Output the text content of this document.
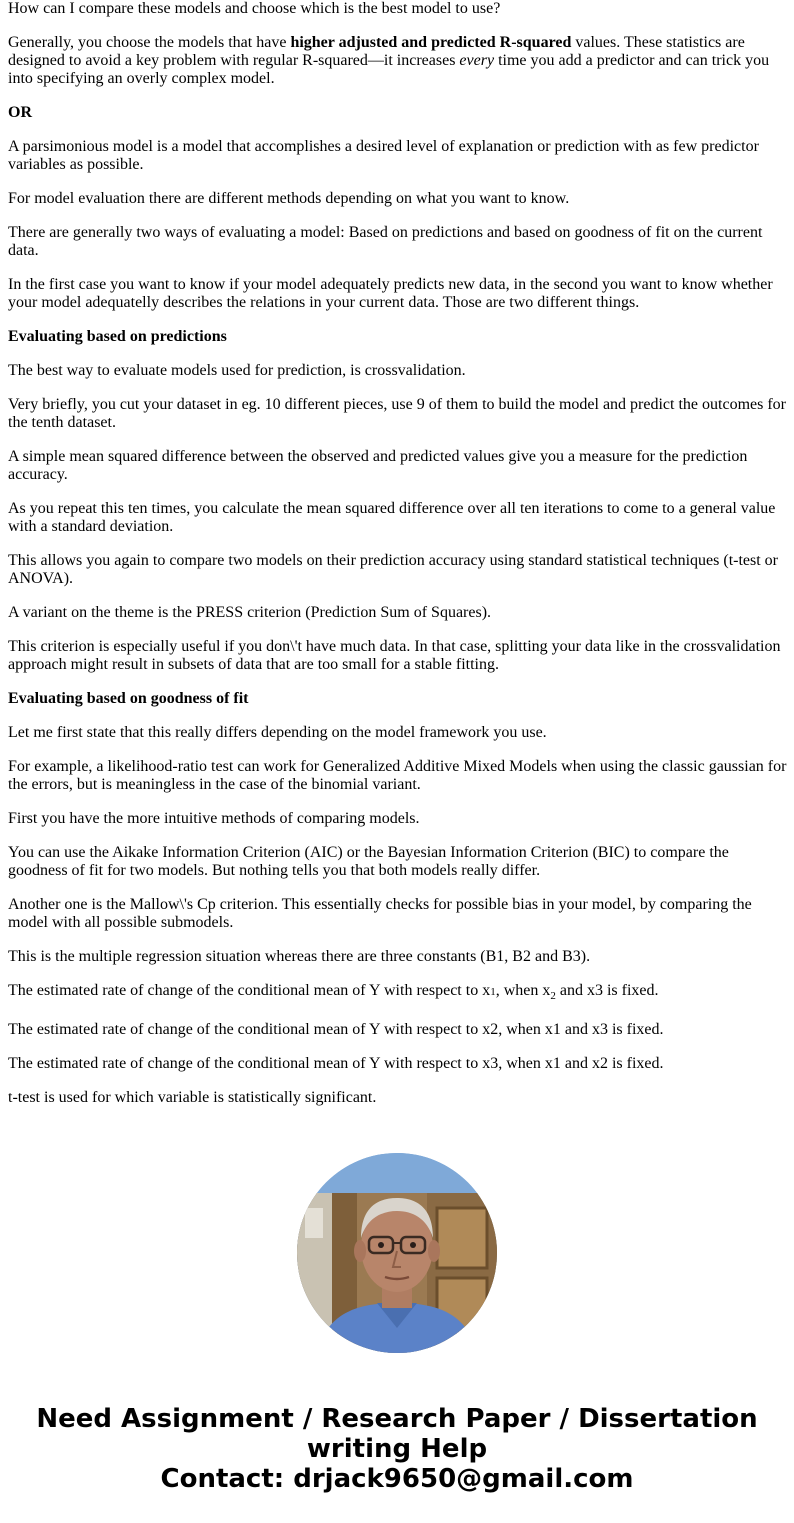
How can I compare these models and choose which is the best model to use?

Generally, you choose the models that have higher adjusted and predicted R-squared values. These statistics are designed to avoid a key problem with regular R-squared—it increases every time you add a predictor and can trick you into specifying an overly complex model.

OR

A parsimonious model is a model that accomplishes a desired level of explanation or prediction with as few predictor variables as possible.

For model evaluation there are different methods depending on what you want to know.

There are generally two ways of evaluating a model: Based on predictions and based on goodness of fit on the current data.

In the first case you want to know if your model adequately predicts new data, in the second you want to know whether your model adequatelly describes the relations in your current data. Those are two different things.

Evaluating based on predictions

The best way to evaluate models used for prediction, is crossvalidation.

Very briefly, you cut your dataset in eg. 10 different pieces, use 9 of them to build the model and predict the outcomes for the tenth dataset.

A simple mean squared difference between the observed and predicted values give you a measure for the prediction accuracy.

As you repeat this ten times, you calculate the mean squared difference over all ten iterations to come to a general value with a standard deviation.

This allows you again to compare two models on their prediction accuracy using standard statistical techniques (t-test or ANOVA).

A variant on the theme is the PRESS criterion (Prediction Sum of Squares).

This criterion is especially useful if you don\'t have much data. In that case, splitting your data like in the crossvalidation approach might result in subsets of data that are too small for a stable fitting.

Evaluating based on goodness of fit

Let me first state that this really differs depending on the model framework you use.

For example, a likelihood-ratio test can work for Generalized Additive Mixed Models when using the classic gaussian for the errors, but is meaningless in the case of the binomial variant.

First you have the more intuitive methods of comparing models.

You can use the Aikake Information Criterion (AIC) or the Bayesian Information Criterion (BIC) to compare the goodness of fit for two models. But nothing tells you that both models really differ.

Another one is the Mallow\'s Cp criterion. This essentially checks for possible bias in your model, by comparing the model with all possible submodels.

This is the multiple regression situation whereas there are three constants (B1, B2 and B3).

The estimated rate of change of the conditional mean of Y with respect to x1, when $x_2$ and x3 is fixed.

The estimated rate of change of the conditional mean of Y with respect to x2, when x1 and x3 is fixed.

The estimated rate of change of the conditional mean of Y with respect to x3, when x1 and x2 is fixed.

t-test is used for which variable is statistically significant.

Need Assignment / Research Paper / Dissertation
writing Help
Contact: drjack9650@gmail.com
